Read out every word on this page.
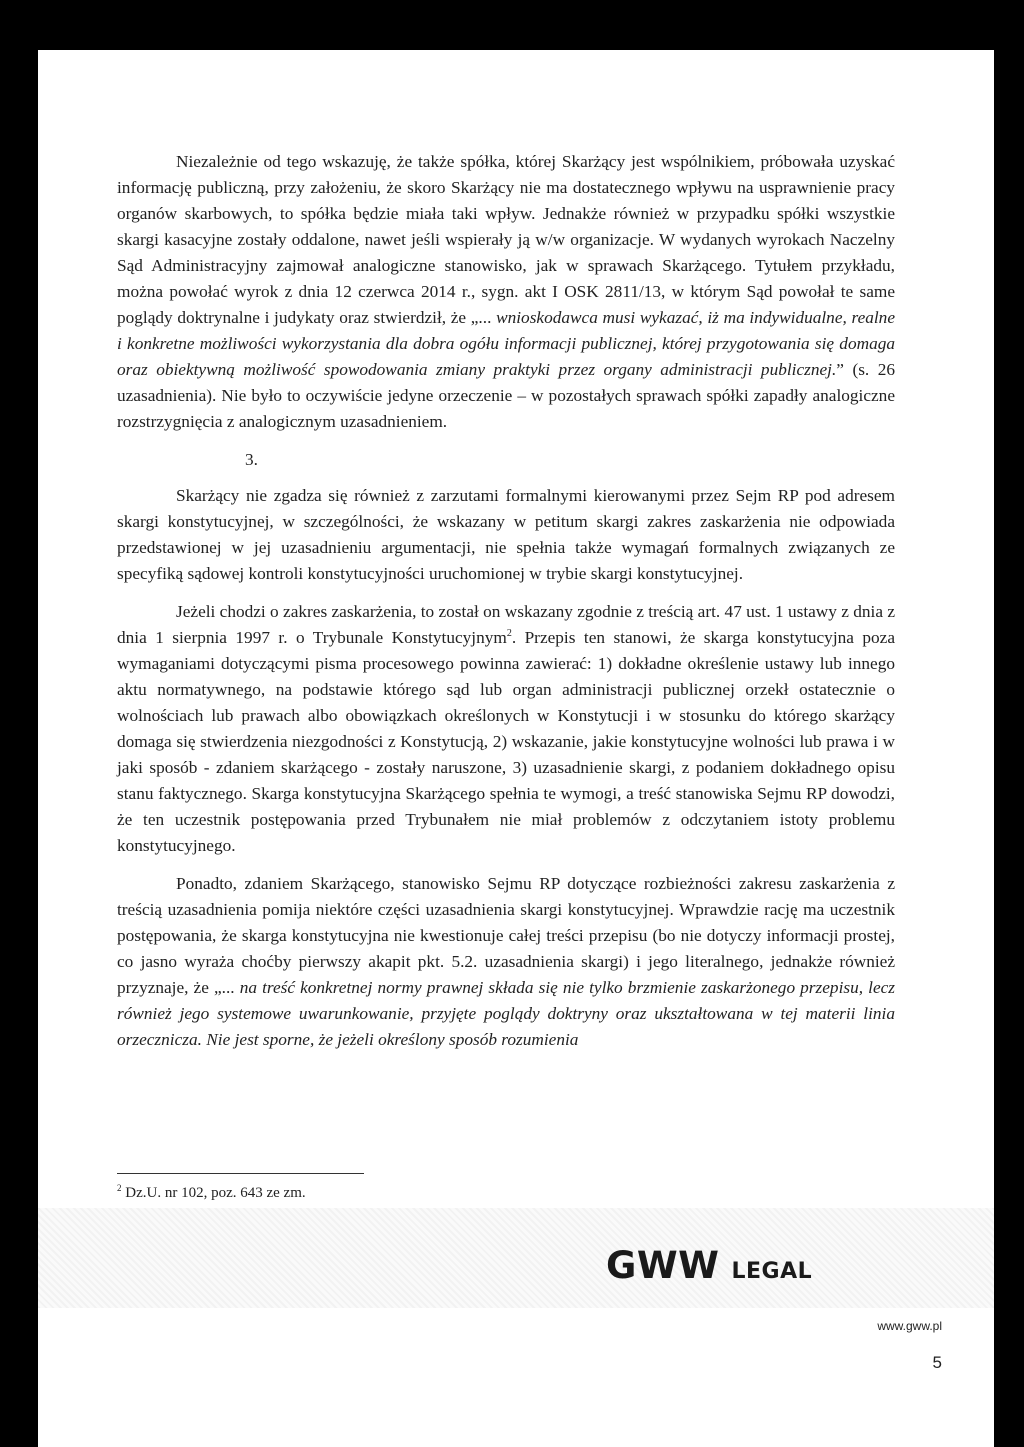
Niezależnie od tego wskazuję, że także spółka, której Skarżący jest wspólnikiem, próbowała uzyskać informację publiczną, przy założeniu, że skoro Skarżący nie ma dostatecznego wpływu na usprawnienie pracy organów skarbowych, to spółka będzie miała taki wpływ. Jednakże również w przypadku spółki wszystkie skargi kasacyjne zostały oddalone, nawet jeśli wspierały ją w/w organizacje. W wydanych wyrokach Naczelny Sąd Administracyjny zajmował analogiczne stanowisko, jak w sprawach Skarżącego. Tytułem przykładu, można powołać wyrok z dnia 12 czerwca 2014 r., sygn. akt I OSK 2811/13, w którym Sąd powołał te same poglądy doktrynalne i judykaty oraz stwierdził, że „... wnioskodawca musi wykazać, iż ma indywidualne, realne i konkretne możliwości wykorzystania dla dobra ogółu informacji publicznej, której przygotowania się domaga oraz obiektywną możliwość spowodowania zmiany praktyki przez organy administracji publicznej.” (s. 26 uzasadnienia). Nie było to oczywiście jedyne orzeczenie – w pozostałych sprawach spółki zapadły analogiczne rozstrzygnięcia z analogicznym uzasadnieniem.

3.

Skarżący nie zgadza się również z zarzutami formalnymi kierowanymi przez Sejm RP pod adresem skargi konstytucyjnej, w szczególności, że wskazany w petitum skargi zakres zaskarżenia nie odpowiada przedstawionej w jej uzasadnieniu argumentacji, nie spełnia także wymagań formalnych związanych ze specyfiką sądowej kontroli konstytucyjności uruchomionej w trybie skargi konstytucyjnej.

Jeżeli chodzi o zakres zaskarżenia, to został on wskazany zgodnie z treścią art. 47 ust. 1 ustawy z dnia z dnia 1 sierpnia 1997 r. o Trybunale Konstytucyjnym$^2$. Przepis ten stanowi, że skarga konstytucyjna poza wymaganiami dotyczącymi pisma procesowego powinna zawierać: 1) dokładne określenie ustawy lub innego aktu normatywnego, na podstawie którego sąd lub organ administracji publicznej orzekł ostatecznie o wolnościach lub prawach albo obowiązkach określonych w Konstytucji i w stosunku do którego skarżący domaga się stwierdzenia niezgodności z Konstytucją, 2) wskazanie, jakie konstytucyjne wolności lub prawa i w jaki sposób - zdaniem skarżącego - zostały naruszone, 3) uzasadnienie skargi, z podaniem dokładnego opisu stanu faktycznego. Skarga konstytucyjna Skarżącego spełnia te wymogi, a treść stanowiska Sejmu RP dowodzi, że ten uczestnik postępowania przed Trybunałem nie miał problemów z odczytaniem istoty problemu konstytucyjnego.

Ponadto, zdaniem Skarżącego, stanowisko Sejmu RP dotyczące rozbieżności zakresu zaskarżenia z treścią uzasadnienia pomija niektóre części uzasadnienia skargi konstytucyjnej. Wprawdzie rację ma uczestnik postępowania, że skarga konstytucyjna nie kwestionuje całej treści przepisu (bo nie dotyczy informacji prostej, co jasno wyraża choćby pierwszy akapit pkt. 5.2. uzasadnienia skargi) i jego literalnego, jednakże również przyznaje, że „... na treść konkretnej normy prawnej składa się nie tylko brzmienie zaskarżonego przepisu, lecz również jego systemowe uwarunkowanie, przyjęte poglądy doktryny oraz ukształtowana w tej materii linia orzecznicza. Nie jest sporne, że jeżeli określony sposób rozumienia

$^2$ Dz.U. nr 102, poz. 643 ze zm.
GWW LEGAL
www.gww.pl
5
